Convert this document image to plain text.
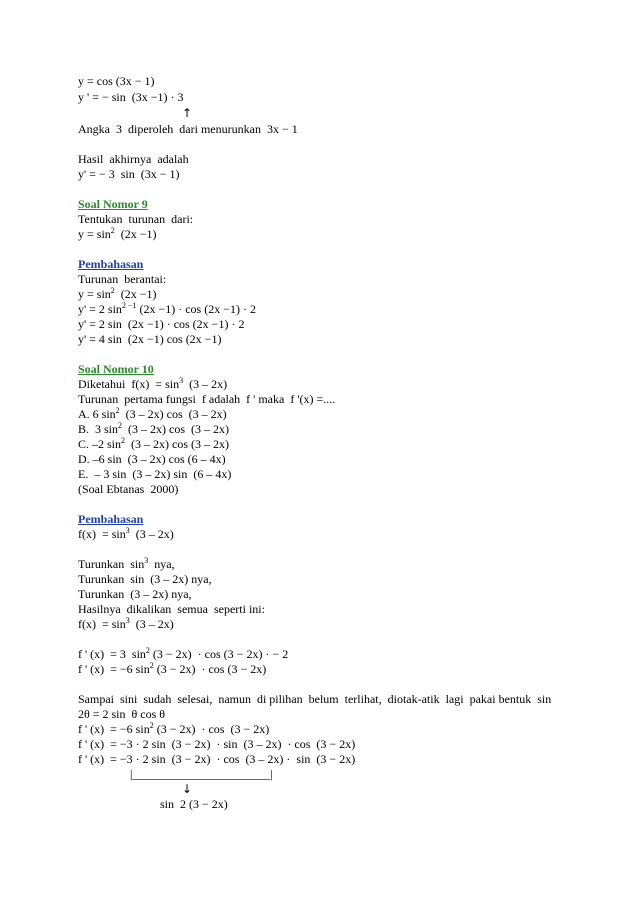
y = cos (3x − 1)
y ' = − sin  (3x −1) · 3
↑
Angka  3  diperoleh  dari menurunkan  3x − 1
Hasil  akhirnya  adalah
y' = − 3  sin  (3x − 1)
Soal Nomor 9
Tentukan  turunan  dari:
$y = \sin^2 (2x -1)$
Pembahasan
Turunan  berantai:
$y = \sin^2 (2x -1)$
y' = 2 $\sin^{2 -1} (2x -1) \cdot \cos (2x -1) \cdot 2$
y' = 2 sin  (2x −1) · cos (2x −1) · 2
y' = 4 sin  (2x −1) cos (2x −1)
Soal Nomor 10
Diketahui  $f(x) = \sin^3 (3 - 2x)$
Turunan  pertama fungsi  f adalah  f ' maka  f '(x) =....
A. 6 $\sin^2 (3 - 2x)$ cos  (3 – 2x)
B.  3 $\sin^2 (3 - 2x)$ cos  (3 – 2x)
C. –2 $\sin^2 (3 - 2x)$ cos (3 – 2x)
D. –6 sin  (3 – 2x) cos (6 – 4x)
E.  – 3 sin  (3 – 2x) sin  (6 – 4x)
(Soal Ebtanas  2000)
Pembahasan
$f(x) = \sin^3 (3 - 2x)$
Turunkan  $\sin^3$  nya,
Turunkan  sin  (3 – 2x) nya,
Turunkan  (3 – 2x) nya,
Hasilnya  dikalikan  semua  seperti ini:
$f(x) = \sin^3 (3 - 2x)$
f ' (x)  = 3  $\sin^2 (3 - 2x) \cdot \cos (3 - 2x)$ · − 2
f ' (x)  = −6 $\sin^2 (3 - 2x) \cdot \cos (3 - 2x)$
Sampai  sini  sudah  selesai,  namun  di pilihan  belum  terlihat,  diotak-atik  lagi  pakai bentuk  sin
2θ = 2 sin  θ cos θ
f ' (x)  = −6 $\sin^2 (3 - 2x) \cdot \cos (3 - 2x)$
f ' (x)  = −3 · 2 sin  (3 − 2x)  · sin  (3 – 2x)  · cos  (3 − 2x)
f ' (x)  = −3 · 2 sin  (3 − 2x)  · cos  (3 – 2x) ·  sin  (3 − 2x)
|_______________________|
↓
sin  2 (3 − 2x)
